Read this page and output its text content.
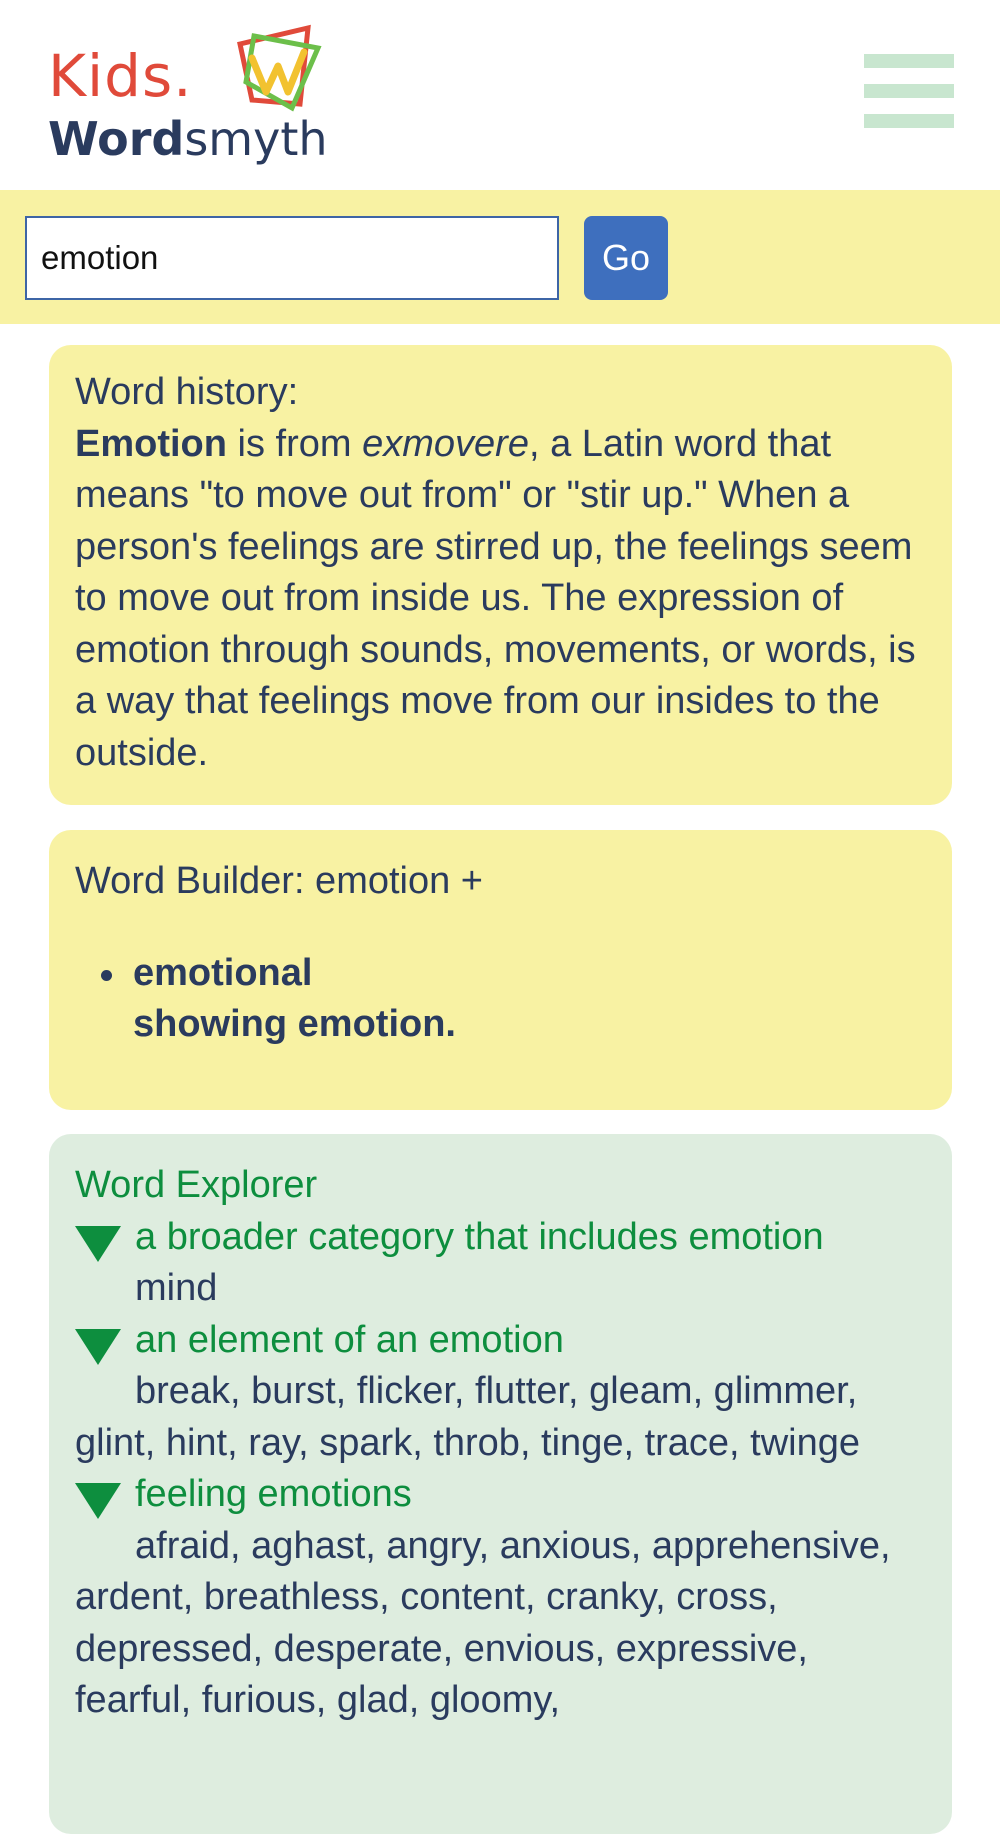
Kids.
Wordsmyth
emotion
Go
Word history:
Emotion is from exmovere, a Latin word that means "to move out from" or "stir up." When a person's feelings are stirred up, the feelings seem to move out from inside us. The expression of emotion through sounds, movements, or words, is a way that feelings move from our insides to the outside.
Word Builder: emotion +
emotional
showing emotion.
Word Explorer
a broader category that includes emotion
mind
an element of an emotion
break, burst, flicker, flutter, gleam, glimmer, glint, hint, ray, spark, throb, tinge, trace, twinge
feeling emotions
afraid, aghast, angry, anxious, apprehensive, ardent, breathless, content, cranky, cross, depressed, desperate, envious, expressive, fearful, furious, glad, gloomy,
